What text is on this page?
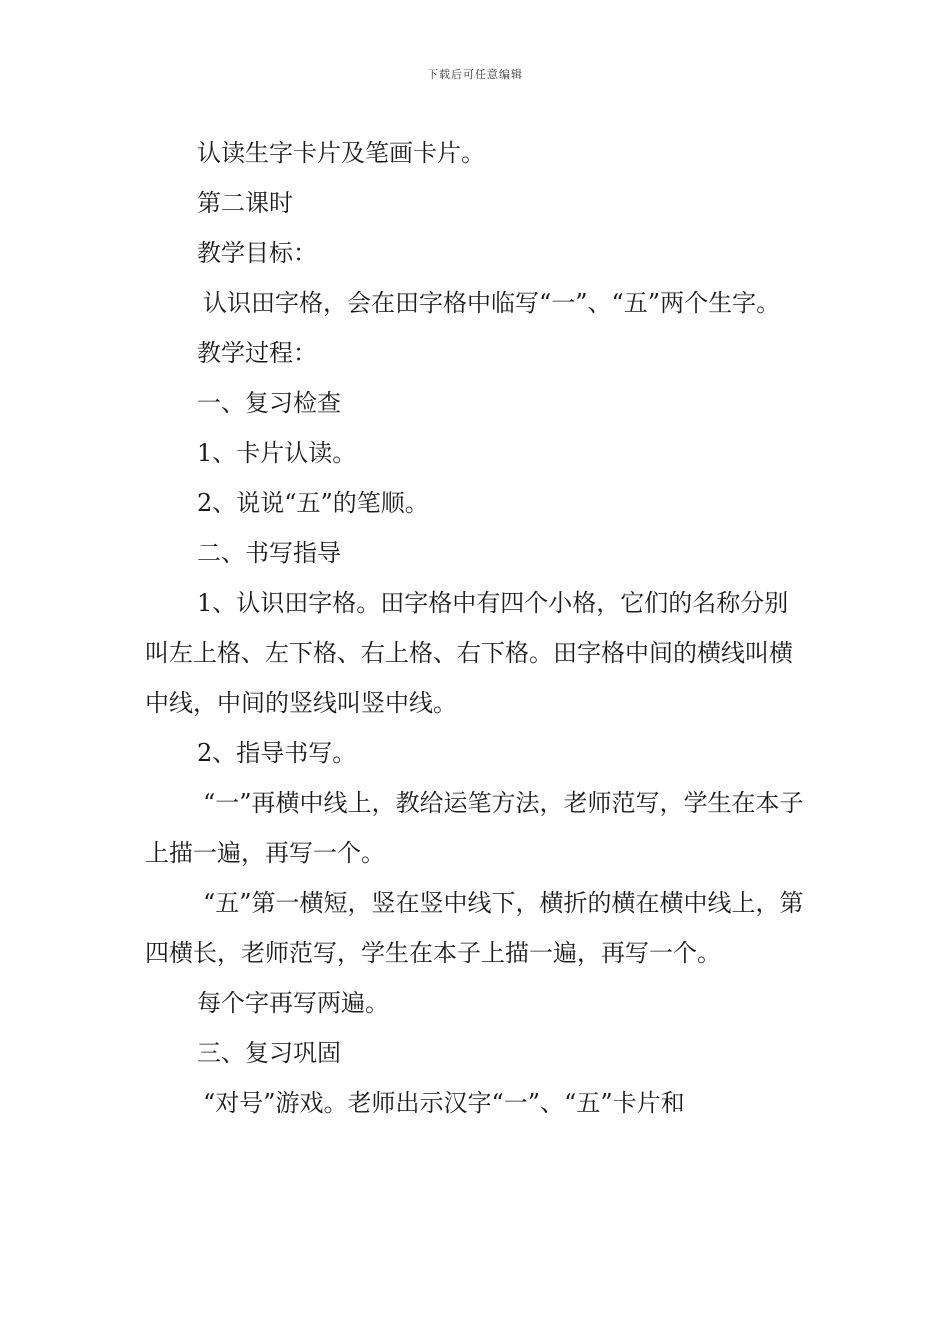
下载后可任意编辑

认读生字卡片及笔画卡片。

第二课时

教学目标：

认识田字格，会在田字格中临写“一”、“五”两个生字。

教学过程：

一、复习检查

1、卡片认读。

2、说说“五”的笔顺。

二、书写指导

1、认识田字格。田字格中有四个小格，它们的名称分别叫左上格、左下格、右上格、右下格。田字格中间的横线叫横中线，中间的竖线叫竖中线。

2、指导书写。

“一”再横中线上，教给运笔方法，老师范写，学生在本子上描一遍，再写一个。

“五”第一横短，竖在竖中线下，横折的横在横中线上，第四横长，老师范写，学生在本子上描一遍，再写一个。

每个字再写两遍。

三、复习巩固

“对号”游戏。老师出示汉字“一”、“五”卡片和
